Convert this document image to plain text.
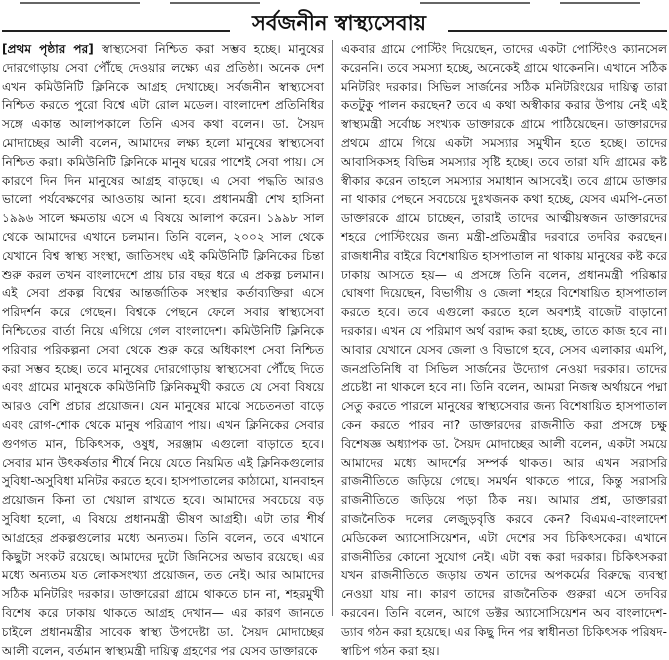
সর্বজনীন স্বাস্থ্যসেবায়
[প্রথম পৃষ্ঠার পর] স্বাস্থ্যসেবা নিশ্চিত করা সম্ভব হচ্ছে। মানুষের দোরগোড়ায় সেবা পৌঁছে দেওয়ার লক্ষ্যে এর প্রতিষ্ঠা। অনেক দেশ এখন কমিউনিটি ক্লিনিকে আগ্রহ দেখাচ্ছে। সর্বজনীন স্বাস্থ্যসেবা নিশ্চিত করতে পুরো বিশ্বে এটা রোল মডেল। বাংলাদেশ প্রতিনিধির সঙ্গে একান্ত আলাপকালে তিনি এসব কথা বলেন। ডা. সৈয়দ মোদাচ্ছের আলী বলেন, আমাদের লক্ষ্য হলো মানুষের স্বাস্থ্যসেবা নিশ্চিত করা। কমিউনিটি ক্লিনিকে মানুষ ঘরের পাশেই সেবা পায়। সে কারণে দিন দিন মানুষের আগ্রহ বাড়ছে। এ সেবা পদ্ধতি আরও ভালো পর্যবেক্ষণের আওতায় আনা হবে। প্রধানমন্ত্রী শেখ হাসিনা ১৯৯৬ সালে ক্ষমতায় এসে এ বিষয়ে আলাপ করেন। ১৯৯৮ সাল থেকে আমাদের এখানে চলমান। তিনি বলেন, ২০০২ সাল থেকে যেখানে বিশ্ব স্বাস্থ্য সংস্থা, জাতিসংঘ এই কমিউনিটি ক্লিনিকের চিন্তা শুরু করল তখন বাংলাদেশে প্রায় চার বছর ধরে এ প্রকল্প চলমান। এই সেবা প্রকল্প বিশ্বের আন্তর্জাতিক সংস্থার কর্তাব্যক্তিরা এসে পরিদর্শন করে গেছেন। বিশ্বকে পেছনে ফেলে সবার স্বাস্থ্যসেবা নিশ্চিতের বার্তা নিয়ে এগিয়ে গেল বাংলাদেশ। কমিউনিটি ক্লিনিকে পরিবার পরিকল্পনা সেবা থেকে শুরু করে অধিকাংশ সেবা নিশ্চিত করা সম্ভব হচ্ছে। তবে মানুষের দোরগোড়ায় স্বাস্থ্যসেবা পৌঁছে দিতে এবং গ্রামের মানুষকে কমিউনিটি ক্লিনিকমুখী করতে যে সেবা বিষয়ে আরও বেশি প্রচার প্রয়োজন। যেন মানুষের মাঝে সচেতনতা বাড়ে এবং রোগ-শোক থেকে মানুষ পরিত্রাণ পায়। এখন ক্লিনিকের সেবার গুণগত মান, চিকিৎসক, ওষুধ, সরঞ্জাম এগুলো বাড়াতে হবে। সেবার মান উৎকর্ষতার শীর্ষে নিয়ে যেতে নিয়মিত এই ক্লিনিকগুলোর সুবিধা-অসুবিধা মনিটর করতে হবে। হাসপাতালের কাঠামো, যানবাহন প্রয়োজন কিনা তা খেয়াল রাখতে হবে। আমাদের সবচেয়ে বড় সুবিধা হলো, এ বিষয়ে প্রধানমন্ত্রী ভীষণ আগ্রহী। এটা তার শীর্ষ আগ্রহের প্রকল্পগুলোর মধ্যে অন্যতম। তিনি বলেন, তবে এখানে কিছুটা সংকট রয়েছে। আমাদের দুটো জিনিসের অভাব রয়েছে। এর মধ্যে অন্যতম যত লোকসংখ্যা প্রয়োজন, তত নেই। আর আমাদের সঠিক মনিটরিং দরকার। ডাক্তারেরা গ্রামে থাকতে চান না, শহরমুখী বিশেষ করে ঢাকায় থাকতে আগ্রহ দেখান— এর কারণ জানতে চাইলে প্রধানমন্ত্রীর সাবেক স্বাস্থ্য উপদেষ্টা ডা. সৈয়দ মোদাচ্ছের আলী বলেন, বর্তমান স্বাস্থ্যমন্ত্রী দায়িত্ব গ্রহণের পর যেসব ডাক্তারকে
একবার গ্রামে পোস্টিং দিয়েছেন, তাদের একটা পোস্টিংও ক্যানসেল করেননি। তবে সমস্যা হচ্ছে, অনেকেই গ্রামে থাকেননি। এখানে সঠিক মনিটরিং দরকার। সিভিল সার্জনের সঠিক মনিটরিংয়ের দায়িত্ব তারা কতটুকু পালন করছেন? তবে এ কথা অস্বীকার করার উপায় নেই এই স্বাস্থ্যমন্ত্রী সর্বোচ্চ সংখ্যক ডাক্তারকে গ্রামে পাঠিয়েছেন। ডাক্তারদের প্রথমে গ্রামে গিয়ে একটা সমস্যার সমুখীন হতে হচ্ছে। তাদের আবাসিকসহ বিভিন্ন সমস্যার সৃষ্টি হচ্ছে। তবে তারা যদি গ্রামের কষ্ট স্বীকার করেন তাহলে সমস্যার সমাধান আসবেই। তবে গ্রামে ডাক্তার না থাকার পেছনে সবচেয়ে দুঃখজনক কথা হচ্ছে, যেসব এমপি-নেতা ডাক্তারকে গ্রামে চাচ্ছেন, তারাই তাদের আত্মীয়স্বজন ডাক্তারদের শহরে পোস্টিংয়ের জন্য মন্ত্রী-প্রতিমন্ত্রীর দরবারে তদবির করছেন। রাজধানীর বাইরে বিশেষায়িত হাসপাতাল না থাকায় মানুষের কষ্ট করে ঢাকায় আসতে হয়— এ প্রসঙ্গে তিনি বলেন, প্রধানমন্ত্রী পরিষ্কার ঘোষণা দিয়েছেন, বিভাগীয় ও জেলা শহরে বিশেষায়িত হাসপাতাল করতে হবে। তবে এগুলো করতে হলে অবশ্যই বাজেট বাড়ানো দরকার। এখন যে পরিমাণ অর্থ বরাদ্দ করা হচ্ছে, তাতে কাজ হবে না। আবার যেখানে যেসব জেলা ও বিভাগে হবে, সেসব এলাকার এমপি, জনপ্রতিনিধি বা সিভিল সার্জনের উদ্যোগ নেওয়া দরকার। তাদের প্রচেষ্টা না থাকলে হবে না। তিনি বলেন, আমরা নিজস্ব অর্থায়নে পদ্মা সেতু করতে পারলে মানুষের স্বাস্থ্যসেবার জন্য বিশেষায়িত হাসপাতাল কেন করতে পারব না? ডাক্তারদের রাজনীতি করা প্রসঙ্গে চক্ষু বিশেষজ্ঞ অধ্যাপক ডা. সৈয়দ মোদাচ্ছের আলী বলেন, একটা সময়ে আমাদের মধ্যে আদর্শের সম্পর্ক থাকত। আর এখন সরাসরি রাজনীতিতে জড়িয়ে গেছে। সমর্থন থাকতে পারে, কিন্তু সরাসরি রাজনীতিতে জড়িয়ে পড়া ঠিক নয়। আমার প্রশ্ন, ডাক্তাররা রাজনৈতিক দলের লেজুড়বৃত্তি করবে কেন? বিএমএ-বাংলাদেশ মেডিকেল অ্যাসোসিয়েশন, এটা দেশের সব চিকিৎসকের। এখানে রাজনীতির কোনো সুযোগ নেই। এটা বন্ধ করা দরকার। চিকিৎসকরা যখন রাজনীতিতে জড়ায় তখন তাদের অপকর্মের বিরুদ্ধে ব্যবস্থা নেওয়া যায় না। কারণ তাদের রাজনৈতিক গুরুরা এসে তদবির করবেন। তিনি বলেন, আগে ডক্টর অ্যাসোসিয়েশন অব বাংলাদেশ-ড্যাব গঠন করা হয়েছে। এর কিছু দিন পর স্বাধীনতা চিকিৎসক পরিষদ-স্বাচিপ গঠন করা হয়।
